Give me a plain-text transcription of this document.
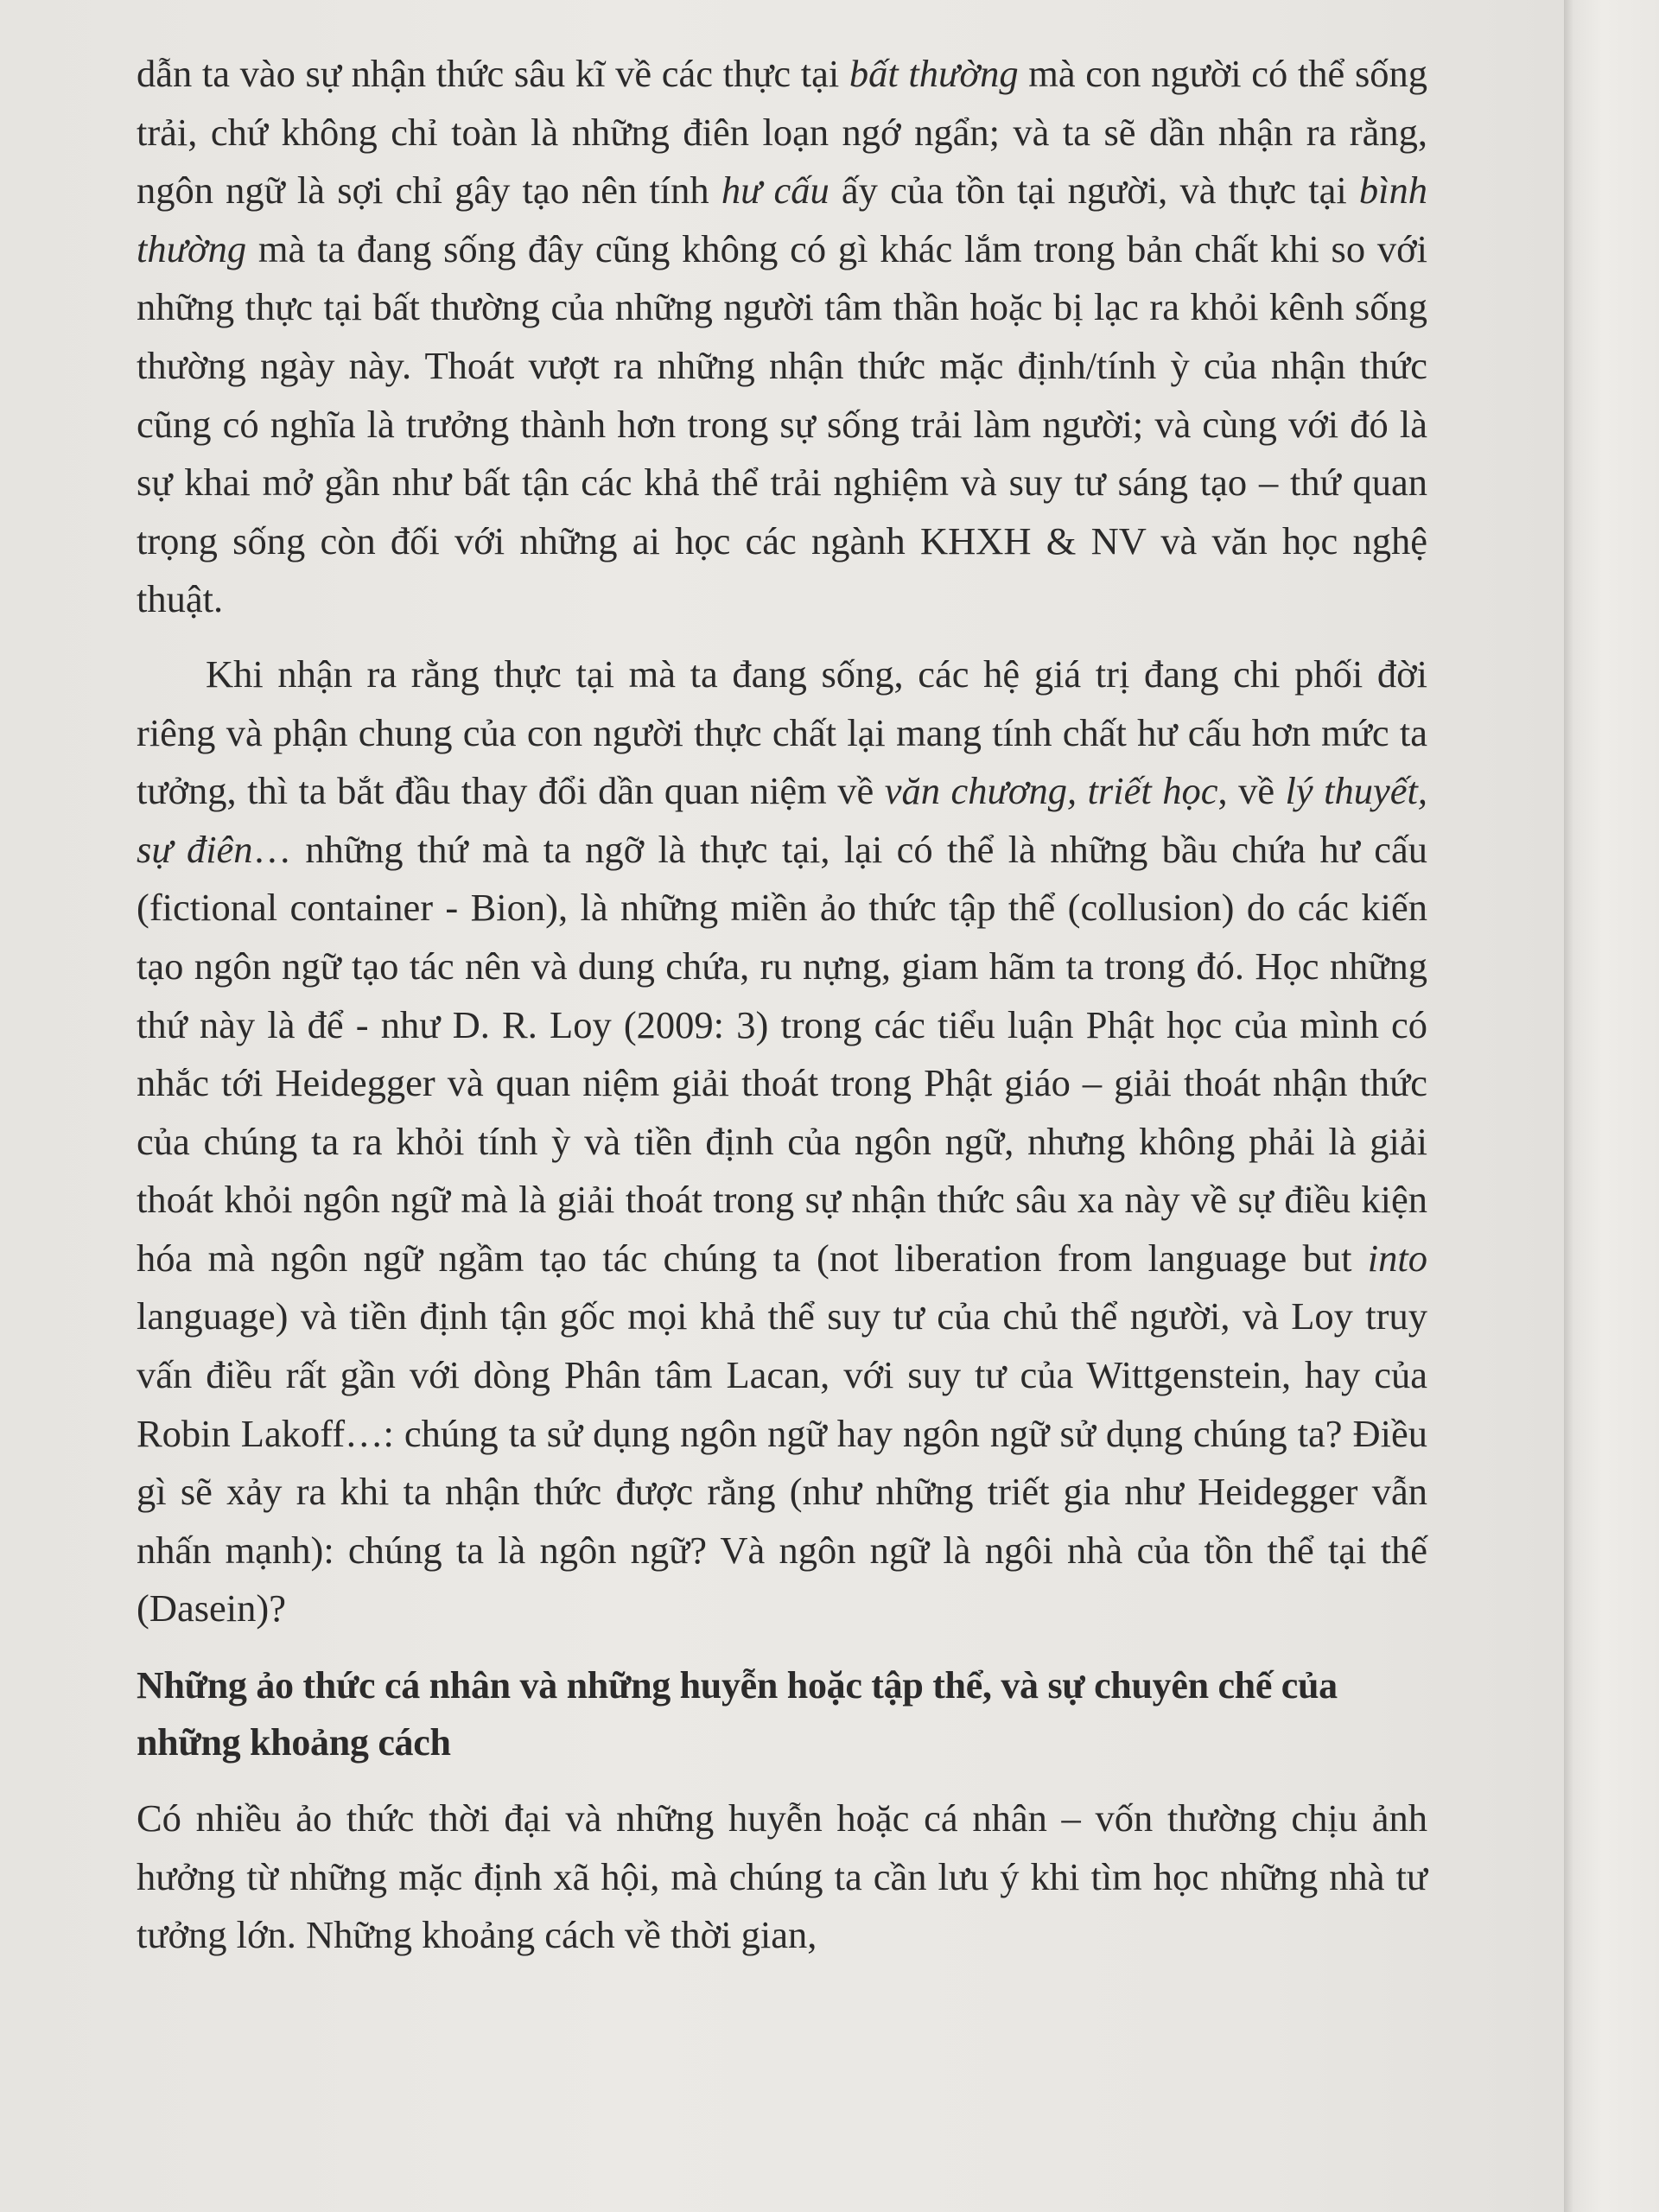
dẫn ta vào sự nhận thức sâu kĩ về các thực tại bất thường mà con người có thể sống trải, chứ không chỉ toàn là những điên loạn ngớ ngẩn; và ta sẽ dần nhận ra rằng, ngôn ngữ là sợi chỉ gây tạo nên tính hư cấu ấy của tồn tại người, và thực tại bình thường mà ta đang sống đây cũng không có gì khác lắm trong bản chất khi so với những thực tại bất thường của những người tâm thần hoặc bị lạc ra khỏi kênh sống thường ngày này. Thoát vượt ra những nhận thức mặc định/tính ỳ của nhận thức cũng có nghĩa là trưởng thành hơn trong sự sống trải làm người; và cùng với đó là sự khai mở gần như bất tận các khả thể trải nghiệm và suy tư sáng tạo – thứ quan trọng sống còn đối với những ai học các ngành KHXH & NV và văn học nghệ thuật.

Khi nhận ra rằng thực tại mà ta đang sống, các hệ giá trị đang chi phối đời riêng và phận chung của con người thực chất lại mang tính chất hư cấu hơn mức ta tưởng, thì ta bắt đầu thay đổi dần quan niệm về văn chương, triết học, về lý thuyết, sự điên… những thứ mà ta ngỡ là thực tại, lại có thể là những bầu chứa hư cấu (fictional container - Bion), là những miền ảo thức tập thể (collusion) do các kiến tạo ngôn ngữ tạo tác nên và dung chứa, ru nựng, giam hãm ta trong đó. Học những thứ này là để - như D. R. Loy (2009: 3) trong các tiểu luận Phật học của mình có nhắc tới Heidegger và quan niệm giải thoát trong Phật giáo – giải thoát nhận thức của chúng ta ra khỏi tính ỳ và tiền định của ngôn ngữ, nhưng không phải là giải thoát khỏi ngôn ngữ mà là giải thoát trong sự nhận thức sâu xa này về sự điều kiện hóa mà ngôn ngữ ngầm tạo tác chúng ta (not liberation from language but into language) và tiền định tận gốc mọi khả thể suy tư của chủ thể người, và Loy truy vấn điều rất gần với dòng Phân tâm Lacan, với suy tư của Wittgenstein, hay của Robin Lakoff…: chúng ta sử dụng ngôn ngữ hay ngôn ngữ sử dụng chúng ta? Điều gì sẽ xảy ra khi ta nhận thức được rằng (như những triết gia như Heidegger vẫn nhấn mạnh): chúng ta là ngôn ngữ? Và ngôn ngữ là ngôi nhà của tồn thể tại thế (Dasein)?

Những ảo thức cá nhân và những huyễn hoặc tập thể, và sự chuyên chế của những khoảng cách

Có nhiều ảo thức thời đại và những huyễn hoặc cá nhân – vốn thường chịu ảnh hưởng từ những mặc định xã hội, mà chúng ta cần lưu ý khi tìm học những nhà tư tưởng lớn. Những khoảng cách về thời gian,
